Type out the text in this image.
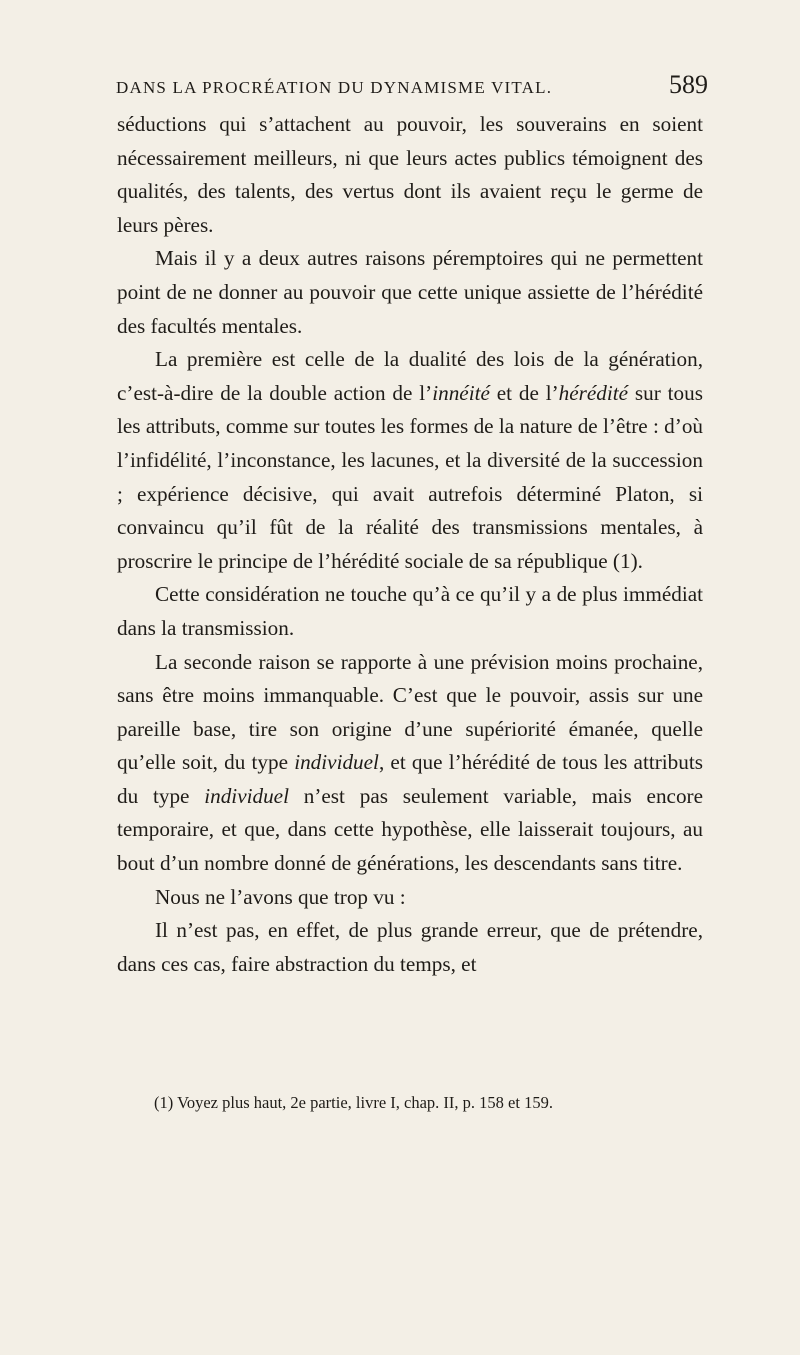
DANS LA PROCRÉATION DU DYNAMISME VITAL.	589

séductions qui s’attachent au pouvoir, les souverains en soient nécessairement meilleurs, ni que leurs actes publics témoignent des qualités, des talents, des vertus dont ils avaient reçu le germe de leurs pères.

Mais il y a deux autres raisons péremptoires qui ne permettent point de ne donner au pouvoir que cette unique assiette de l’hérédité des facultés mentales.

La première est celle de la dualité des lois de la génération, c’est-à-dire de la double action de l’innéité et de l’hérédité sur tous les attributs, comme sur toutes les formes de la nature de l’être : d’où l’infidélité, l’inconstance, les lacunes, et la diversité de la succession ; expérience décisive, qui avait autrefois déterminé Platon, si convaincu qu’il fût de la réalité des transmissions mentales, à proscrire le principe de l’hérédité sociale de sa république (1).

Cette considération ne touche qu’à ce qu’il y a de plus immédiat dans la transmission.

La seconde raison se rapporte à une prévision moins prochaine, sans être moins immanquable. C’est que le pouvoir, assis sur une pareille base, tire son origine d’une supériorité émanée, quelle qu’elle soit, du type individuel, et que l’hérédité de tous les attributs du type individuel n’est pas seulement variable, mais encore temporaire, et que, dans cette hypothèse, elle laisserait toujours, au bout d’un nombre donné de générations, les descendants sans titre.

Nous ne l’avons que trop vu :

Il n’est pas, en effet, de plus grande erreur, que de prétendre, dans ces cas, faire abstraction du temps, et

(1) Voyez plus haut, 2e partie, livre I, chap. II, p. 158 et 159.
